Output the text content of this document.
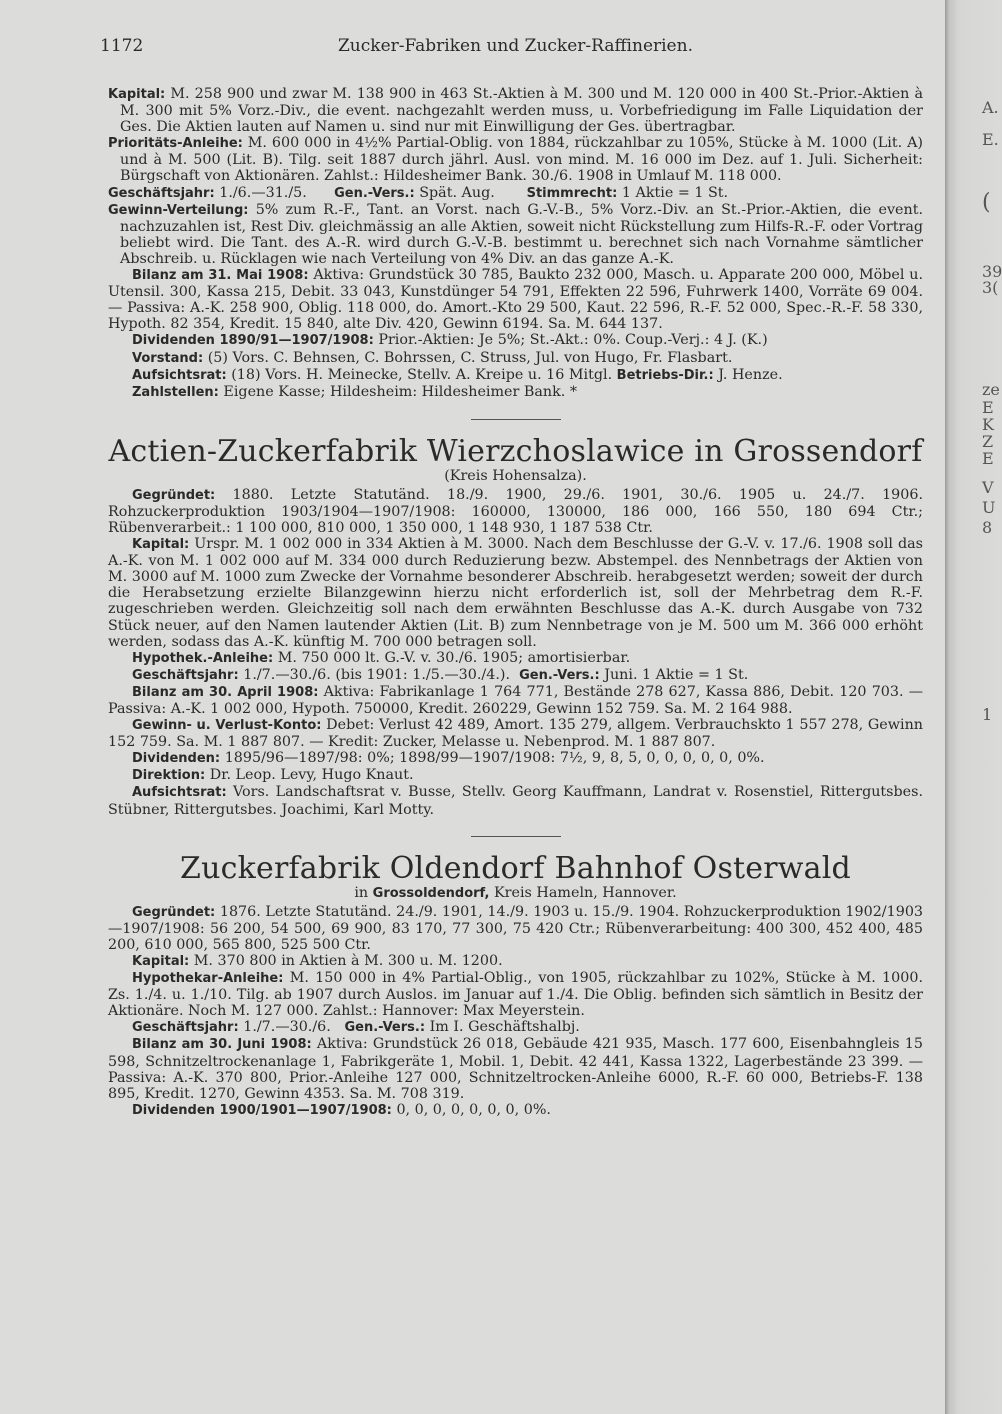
A.
E.
(
39
3(
ze
E
K
Z
E
V
U
8
1
1172	Zucker-Fabriken und Zucker-Raffinerien.

Kapital: M. 258 900 und zwar M. 138 900 in 463 St.-Aktien à M. 300 und M. 120 000 in 400 St.-Prior.-Aktien à M. 300 mit 5% Vorz.-Div., die event. nachgezahlt werden muss, u. Vorbefriedigung im Falle Liquidation der Ges. Die Aktien lauten auf Namen u. sind nur mit Einwilligung der Ges. übertragbar.

Prioritäts-Anleihe: M. 600 000 in 4½% Partial-Oblig. von 1884, rückzahlbar zu 105%, Stücke à M. 1000 (Lit. A) und à M. 500 (Lit. B). Tilg. seit 1887 durch jährl. Ausl. von mind. M. 16 000 im Dez. auf 1. Juli. Sicherheit: Bürgschaft von Aktionären. Zahlst.: Hildesheimer Bank. 30./6. 1908 in Umlauf M. 118 000.

Geschäftsjahr: 1./6.—31./5. Gen.-Vers.: Spät. Aug. Stimmrecht: 1 Aktie = 1 St.

Gewinn-Verteilung: 5% zum R.-F., Tant. an Vorst. nach G.-V.-B., 5% Vorz.-Div. an St.-Prior.-Aktien, die event. nachzuzahlen ist, Rest Div. gleichmässig an alle Aktien, soweit nicht Rückstellung zum Hilfs-R.-F. oder Vortrag beliebt wird. Die Tant. des A.-R. wird durch G.-V.-B. bestimmt u. berechnet sich nach Vornahme sämtlicher Abschreib. u. Rücklagen wie nach Verteilung von 4% Div. an das ganze A.-K.

Bilanz am 31. Mai 1908: Aktiva: Grundstück 30 785, Baukto 232 000, Masch. u. Apparate 200 000, Möbel u. Utensil. 300, Kassa 215, Debit. 33 043, Kunstdünger 54 791, Effekten 22 596, Fuhrwerk 1400, Vorräte 69 004. — Passiva: A.-K. 258 900, Oblig. 118 000, do. Amort.-Kto 29 500, Kaut. 22 596, R.-F. 52 000, Spec.-R.-F. 58 330, Hypoth. 82 354, Kredit. 15 840, alte Div. 420, Gewinn 6194. Sa. M. 644 137.

Dividenden 1890/91—1907/1908: Prior.-Aktien: Je 5%; St.-Akt.: 0%. Coup.-Verj.: 4 J. (K.)

Vorstand: (5) Vors. C. Behnsen, C. Bohrssen, C. Struss, Jul. von Hugo, Fr. Flasbart.

Aufsichtsrat: (18) Vors. H. Meinecke, Stellv. A. Kreipe u. 16 Mitgl. Betriebs-Dir.: J. Henze.

Zahlstellen: Eigene Kasse; Hildesheim: Hildesheimer Bank. *

Actien-Zuckerfabrik Wierzchoslawice in Grossendorf
(Kreis Hohensalza).

Gegründet: 1880. Letzte Statutänd. 18./9. 1900, 29./6. 1901, 30./6. 1905 u. 24./7. 1906. Rohzuckerproduktion 1903/1904—1907/1908: 160000, 130000, 186 000, 166 550, 180 694 Ctr.; Rübenverarbeit.: 1 100 000, 810 000, 1 350 000, 1 148 930, 1 187 538 Ctr.

Kapital: Urspr. M. 1 002 000 in 334 Aktien à M. 3000. Nach dem Beschlusse der G.-V. v. 17./6. 1908 soll das A.-K. von M. 1 002 000 auf M. 334 000 durch Reduzierung bezw. Abstempel. des Nennbetrags der Aktien von M. 3000 auf M. 1000 zum Zwecke der Vornahme besonderer Abschreib. herabgesetzt werden; soweit der durch die Herabsetzung erzielte Bilanzgewinn hierzu nicht erforderlich ist, soll der Mehrbetrag dem R.-F. zugeschrieben werden. Gleichzeitig soll nach dem erwähnten Beschlusse das A.-K. durch Ausgabe von 732 Stück neuer, auf den Namen lautender Aktien (Lit. B) zum Nennbetrage von je M. 500 um M. 366 000 erhöht werden, sodass das A.-K. künftig M. 700 000 betragen soll.

Hypothek.-Anleihe: M. 750 000 lt. G.-V. v. 30./6. 1905; amortisierbar.

Geschäftsjahr: 1./7.—30./6. (bis 1901: 1./5.—30./4.). Gen.-Vers.: Juni. 1 Aktie = 1 St.

Bilanz am 30. April 1908: Aktiva: Fabrikanlage 1 764 771, Bestände 278 627, Kassa 886, Debit. 120 703. — Passiva: A.-K. 1 002 000, Hypoth. 750000, Kredit. 260229, Gewinn 152 759. Sa. M. 2 164 988.

Gewinn- u. Verlust-Konto: Debet: Verlust 42 489, Amort. 135 279, allgem. Verbrauchskto 1 557 278, Gewinn 152 759. Sa. M. 1 887 807. — Kredit: Zucker, Melasse u. Nebenprod. M. 1 887 807.

Dividenden: 1895/96—1897/98: 0%; 1898/99—1907/1908: 7½, 9, 8, 5, 0, 0, 0, 0, 0, 0%.

Direktion: Dr. Leop. Levy, Hugo Knaut.

Aufsichtsrat: Vors. Landschaftsrat v. Busse, Stellv. Georg Kauffmann, Landrat v. Rosenstiel, Rittergutsbes. Stübner, Rittergutsbes. Joachimi, Karl Motty.

Zuckerfabrik Oldendorf Bahnhof Osterwald
in Grossoldendorf, Kreis Hameln, Hannover.

Gegründet: 1876. Letzte Statutänd. 24./9. 1901, 14./9. 1903 u. 15./9. 1904. Rohzuckerproduktion 1902/1903—1907/1908: 56 200, 54 500, 69 900, 83 170, 77 300, 75 420 Ctr.; Rübenverarbeitung: 400 300, 452 400, 485 200, 610 000, 565 800, 525 500 Ctr.

Kapital: M. 370 800 in Aktien à M. 300 u. M. 1200.

Hypothekar-Anleihe: M. 150 000 in 4% Partial-Oblig., von 1905, rückzahlbar zu 102%, Stücke à M. 1000. Zs. 1./4. u. 1./10. Tilg. ab 1907 durch Auslos. im Januar auf 1./4. Die Oblig. befinden sich sämtlich in Besitz der Aktionäre. Noch M. 127 000. Zahlst.: Hannover: Max Meyerstein.

Geschäftsjahr: 1./7.—30./6. Gen.-Vers.: Im I. Geschäftshalbj.

Bilanz am 30. Juni 1908: Aktiva: Grundstück 26 018, Gebäude 421 935, Masch. 177 600, Eisenbahngleis 15 598, Schnitzeltrockenanlage 1, Fabrikgeräte 1, Mobil. 1, Debit. 42 441, Kassa 1322, Lagerbestände 23 399. — Passiva: A.-K. 370 800, Prior.-Anleihe 127 000, Schnitzeltrocken-Anleihe 6000, R.-F. 60 000, Betriebs-F. 138 895, Kredit. 1270, Gewinn 4353. Sa. M. 708 319.

Dividenden 1900/1901—1907/1908: 0, 0, 0, 0, 0, 0, 0, 0%.
